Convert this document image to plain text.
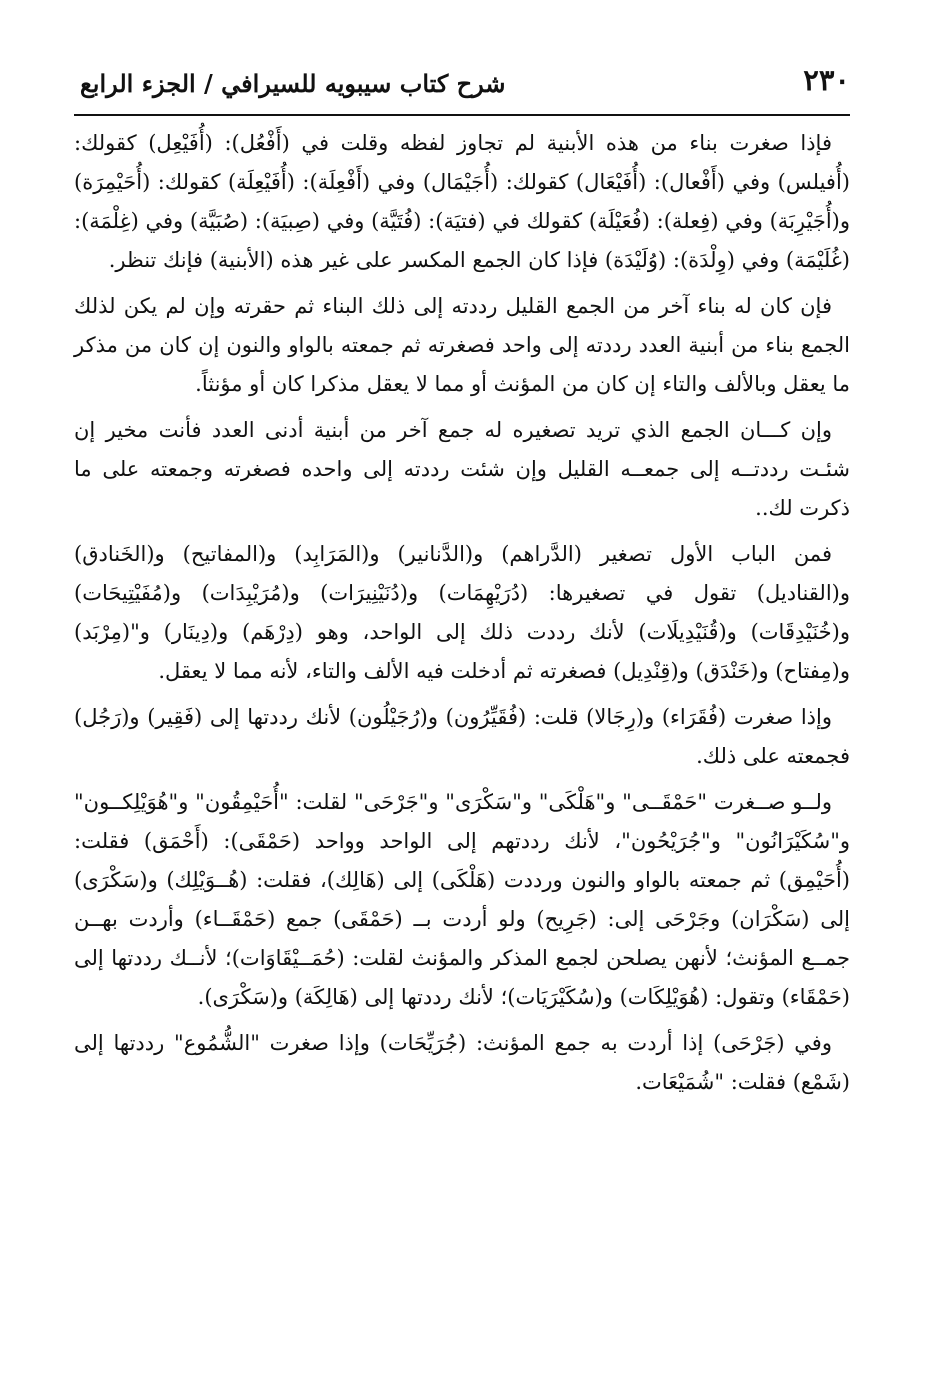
٢٣٠
شرح كتاب سيبويه للسيرافي / الجزء الرابع

فإذا صغرت بناء من هذه الأبنية لم تجاوز لفظه وقلت في (أَفْعُل): (أُفَيْعِل) كقولك: (أُفيلس) وفي (أَفْعال): (أُفَيْعَال) كقولك: (أُجَيْمَال) وفي (أَفْعِلَة): (أُفَيْعِلَة) كقولك: (أُحَيْمِرَة) و(أُجَيْرِبَة) وفي (فِعلة): (فُعَيْلَة) كقولك في (فتيَة): (فُتَيَّة) وفي (صِبيَة): (صُبَيَّة) وفي (غِلْمَة): (غُلَيْمَة) وفي (وِلْدَة): (وُلَيْدَة) فإذا كان الجمع المكسر على غير هذه (الأبنية) فإنك تنظر.

فإن كان له بناء آخر من الجمع القليل رددته إلى ذلك البناء ثم حقرته وإن لم يكن لذلك الجمع بناء من أبنية العدد رددته إلى واحد فصغرته ثم جمعته بالواو والنون إن كان من مذكر ما يعقل وبالألف والتاء إن كان من المؤنث أو مما لا يعقل مذكرا كان أو مؤنثاً.

وإن كـــان الجمع الذي تريد تصغيره له جمع آخر من أبنية أدنى العدد فأنت مخير إن شئـت رددتــه إلى جمعــه القليل وإن شئت رددته إلى واحده فصغرته وجمعته على ما ذكرت لك..

فمن الباب الأول تصغير (الدَّراهم) و(الدَّنانير) و(المَرَابِد) و(المفاتيح) و(الخَنادق) و(القناديل) تقول في تصغيرها: (دُرَيْهِمَات) و(دُنَيْنِيرَات) و(مُرَيْبِدَات) و(مُفَيْتِيحَات) و(خُنَيْدِقَات) و(قُنَيْدِيلَات) لأنك رددت ذلك إلى الواحد، وهو (دِرْهَم) و(دِينَار) و"(مِرْبَد) و(مِفتاح) و(خَنْدَق) و(قِنْدِيل) فصغرته ثم أدخلت فيه الألف والتاء، لأنه مما لا يعقل.

وإذا صغرت (فُقَرَاء) و(رِجَالا) قلت: (فُقَيِّرُون) و(رُجَيْلُون) لأنك رددتها إلى (فَقِير) و(رَجُل) فجمعته على ذلك.

ولــو صــغرت "حَمْقَــى" و"هَلْكَى" و"سَكْرَى" و"جَرْحَى" لقلت: "أُحَيْمِقُون" و"هُوَيْلِكــون" و"سُكَيْرَانُون" و"جُرَيْحُون"، لأنك رددتهم إلى الواحد وواحد (حَمْقَى): (أَحْمَق) فقلت: (أُحَيْمِق) ثم جمعته بالواو والنون ورددت (هَلْكَى) إلى (هَالِك)، فقلت: (هُــوَيْلِك) و(سَكْرَى) إلى (سَكْرَان) وجَرْحَى إلى: (جَرِيح) ولو أردت بــ (حَمْقَى) جمع (حَمْقَــاء) وأردت بهــن جمــع المؤنث؛ لأنهن يصلحن لجمع المذكر والمؤنث لقلت: (حُمَــيْقَاوَات)؛ لأنــك رددتها إلى (حَمْقَاء) وتقول: (هُوَيْلِكَات) و(سُكَيْرَيَات)؛ لأنك رددتها إلى (هَالِكَة) و(سَكْرَى).

وفي (جَرْحَى) إذا أردت به جمع المؤنث: (جُرَيِّحَات) وإذا صغرت "الشُّمُوع" رددتها إلى (شَمْع) فقلت: "شُمَيْعَات.
